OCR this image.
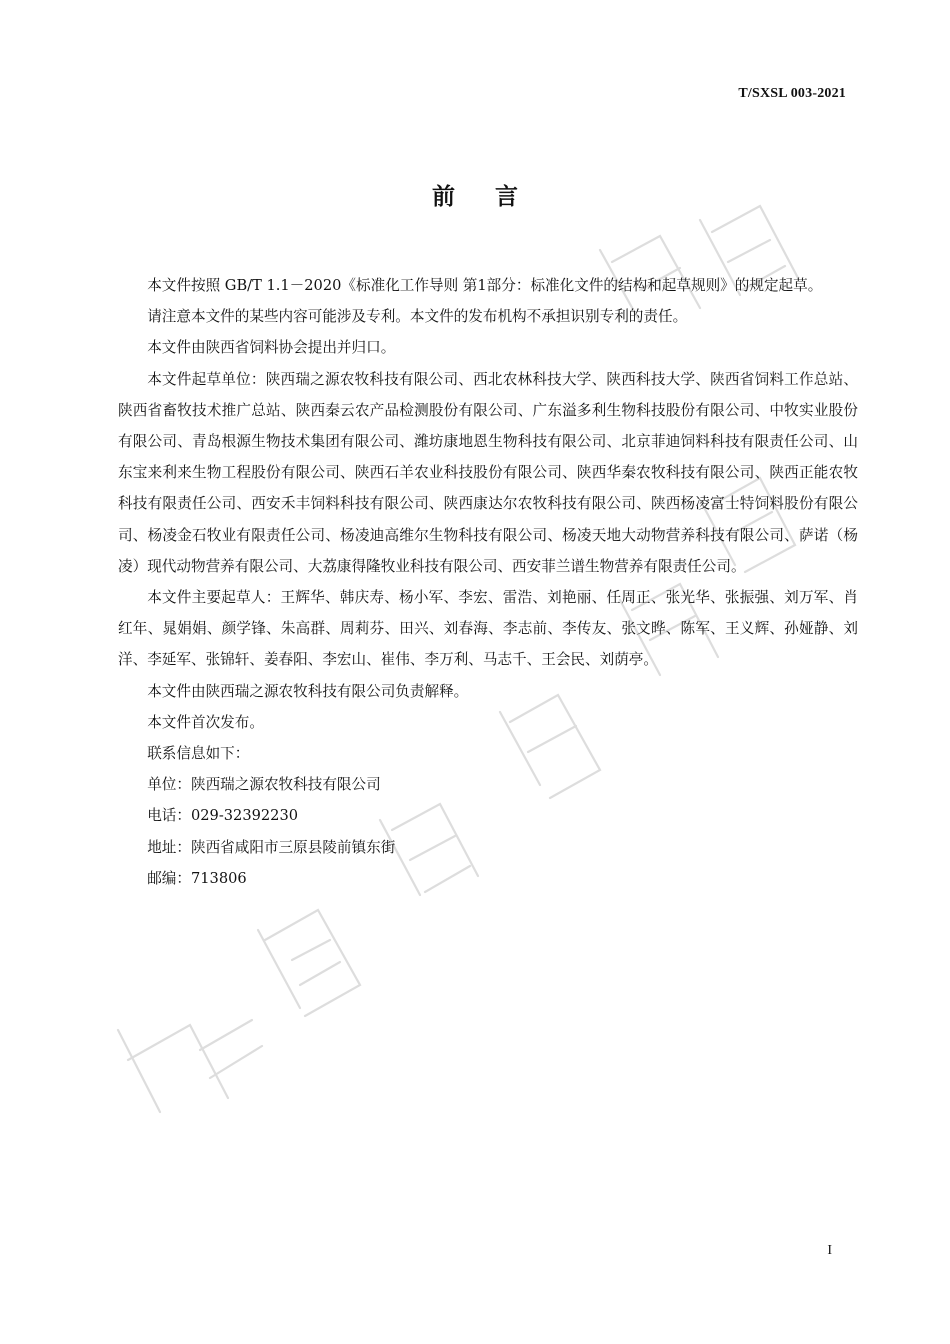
T/SXSL 003-2021
前言

本文件按照 GB/T 1.1－2020《标准化工作导则 第1部分：标准化文件的结构和起草规则》的规定起草。

请注意本文件的某些内容可能涉及专利。本文件的发布机构不承担识别专利的责任。

本文件由陕西省饲料协会提出并归口。

本文件起草单位：陕西瑞之源农牧科技有限公司、西北农林科技大学、陕西科技大学、陕西省饲料工作总站、陕西省畜牧技术推广总站、陕西秦云农产品检测股份有限公司、广东溢多利生物科技股份有限公司、中牧实业股份有限公司、青岛根源生物技术集团有限公司、潍坊康地恩生物科技有限公司、北京菲迪饲料科技有限责任公司、山东宝来利来生物工程股份有限公司、陕西石羊农业科技股份有限公司、陕西华秦农牧科技有限公司、陕西正能农牧科技有限责任公司、西安禾丰饲料科技有限公司、陕西康达尔农牧科技有限公司、陕西杨凌富士特饲料股份有限公司、杨凌金石牧业有限责任公司、杨凌迪高维尔生物科技有限公司、杨凌天地大动物营养科技有限公司、萨诺（杨凌）现代动物营养有限公司、大荔康得隆牧业科技有限公司、西安菲兰谱生物营养有限责任公司。

本文件主要起草人：王辉华、韩庆寿、杨小军、李宏、雷浩、刘艳丽、任周正、张光华、张振强、刘万军、肖红年、晁娟娟、颜学锋、朱高群、周莉芬、田兴、刘春海、李志前、李传友、张文晔、陈军、王义辉、孙娅静、刘洋、李延军、张锦轩、姜春阳、李宏山、崔伟、李万利、马志千、王会民、刘荫亭。

本文件由陕西瑞之源农牧科技有限公司负责解释。

本文件首次发布。

联系信息如下：

单位：陕西瑞之源农牧科技有限公司

电话：029-32392230

地址：陕西省咸阳市三原县陵前镇东街

邮编：713806

I
